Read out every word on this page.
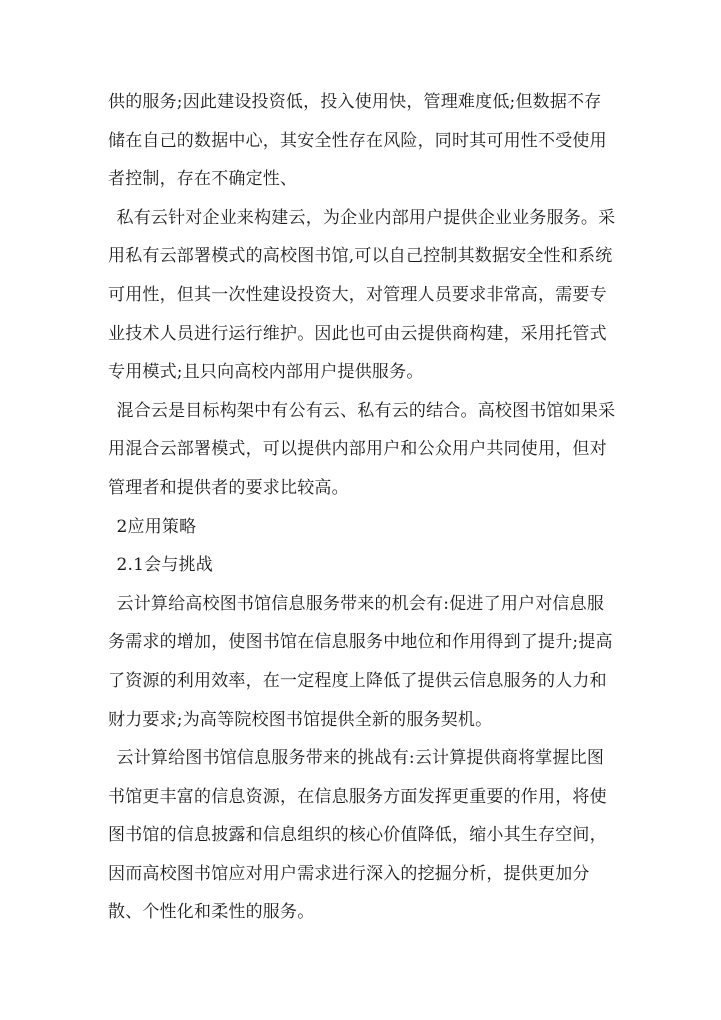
供的服务;因此建设投资低，投入使用快，管理难度低;但数据不存储在自己的数据中心，其安全性存在风险，同时其可用性不受使用者控制，存在不确定性、

私有云针对企业来构建云，为企业内部用户提供企业业务服务。采用私有云部署模式的高校图书馆,可以自己控制其数据安全性和系统可用性，但其一次性建设投资大，对管理人员要求非常高，需要专业技术人员进行运行维护。因此也可由云提供商构建，采用托管式专用模式;且只向高校内部用户提供服务。

混合云是目标构架中有公有云、私有云的结合。高校图书馆如果采用混合云部署模式，可以提供内部用户和公众用户共同使用，但对管理者和提供者的要求比较高。

2应用策略

2.1会与挑战

云计算给高校图书馆信息服务带来的机会有:促进了用户对信息服务需求的增加，使图书馆在信息服务中地位和作用得到了提升;提高了资源的利用效率，在一定程度上降低了提供云信息服务的人力和财力要求;为高等院校图书馆提供全新的服务契机。

云计算给图书馆信息服务带来的挑战有:云计算提供商将掌握比图书馆更丰富的信息资源，在信息服务方面发挥更重要的作用，将使图书馆的信息披露和信息组织的核心价值降低，缩小其生存空间，因而高校图书馆应对用户需求进行深入的挖掘分析，提供更加分散、个性化和柔性的服务。
